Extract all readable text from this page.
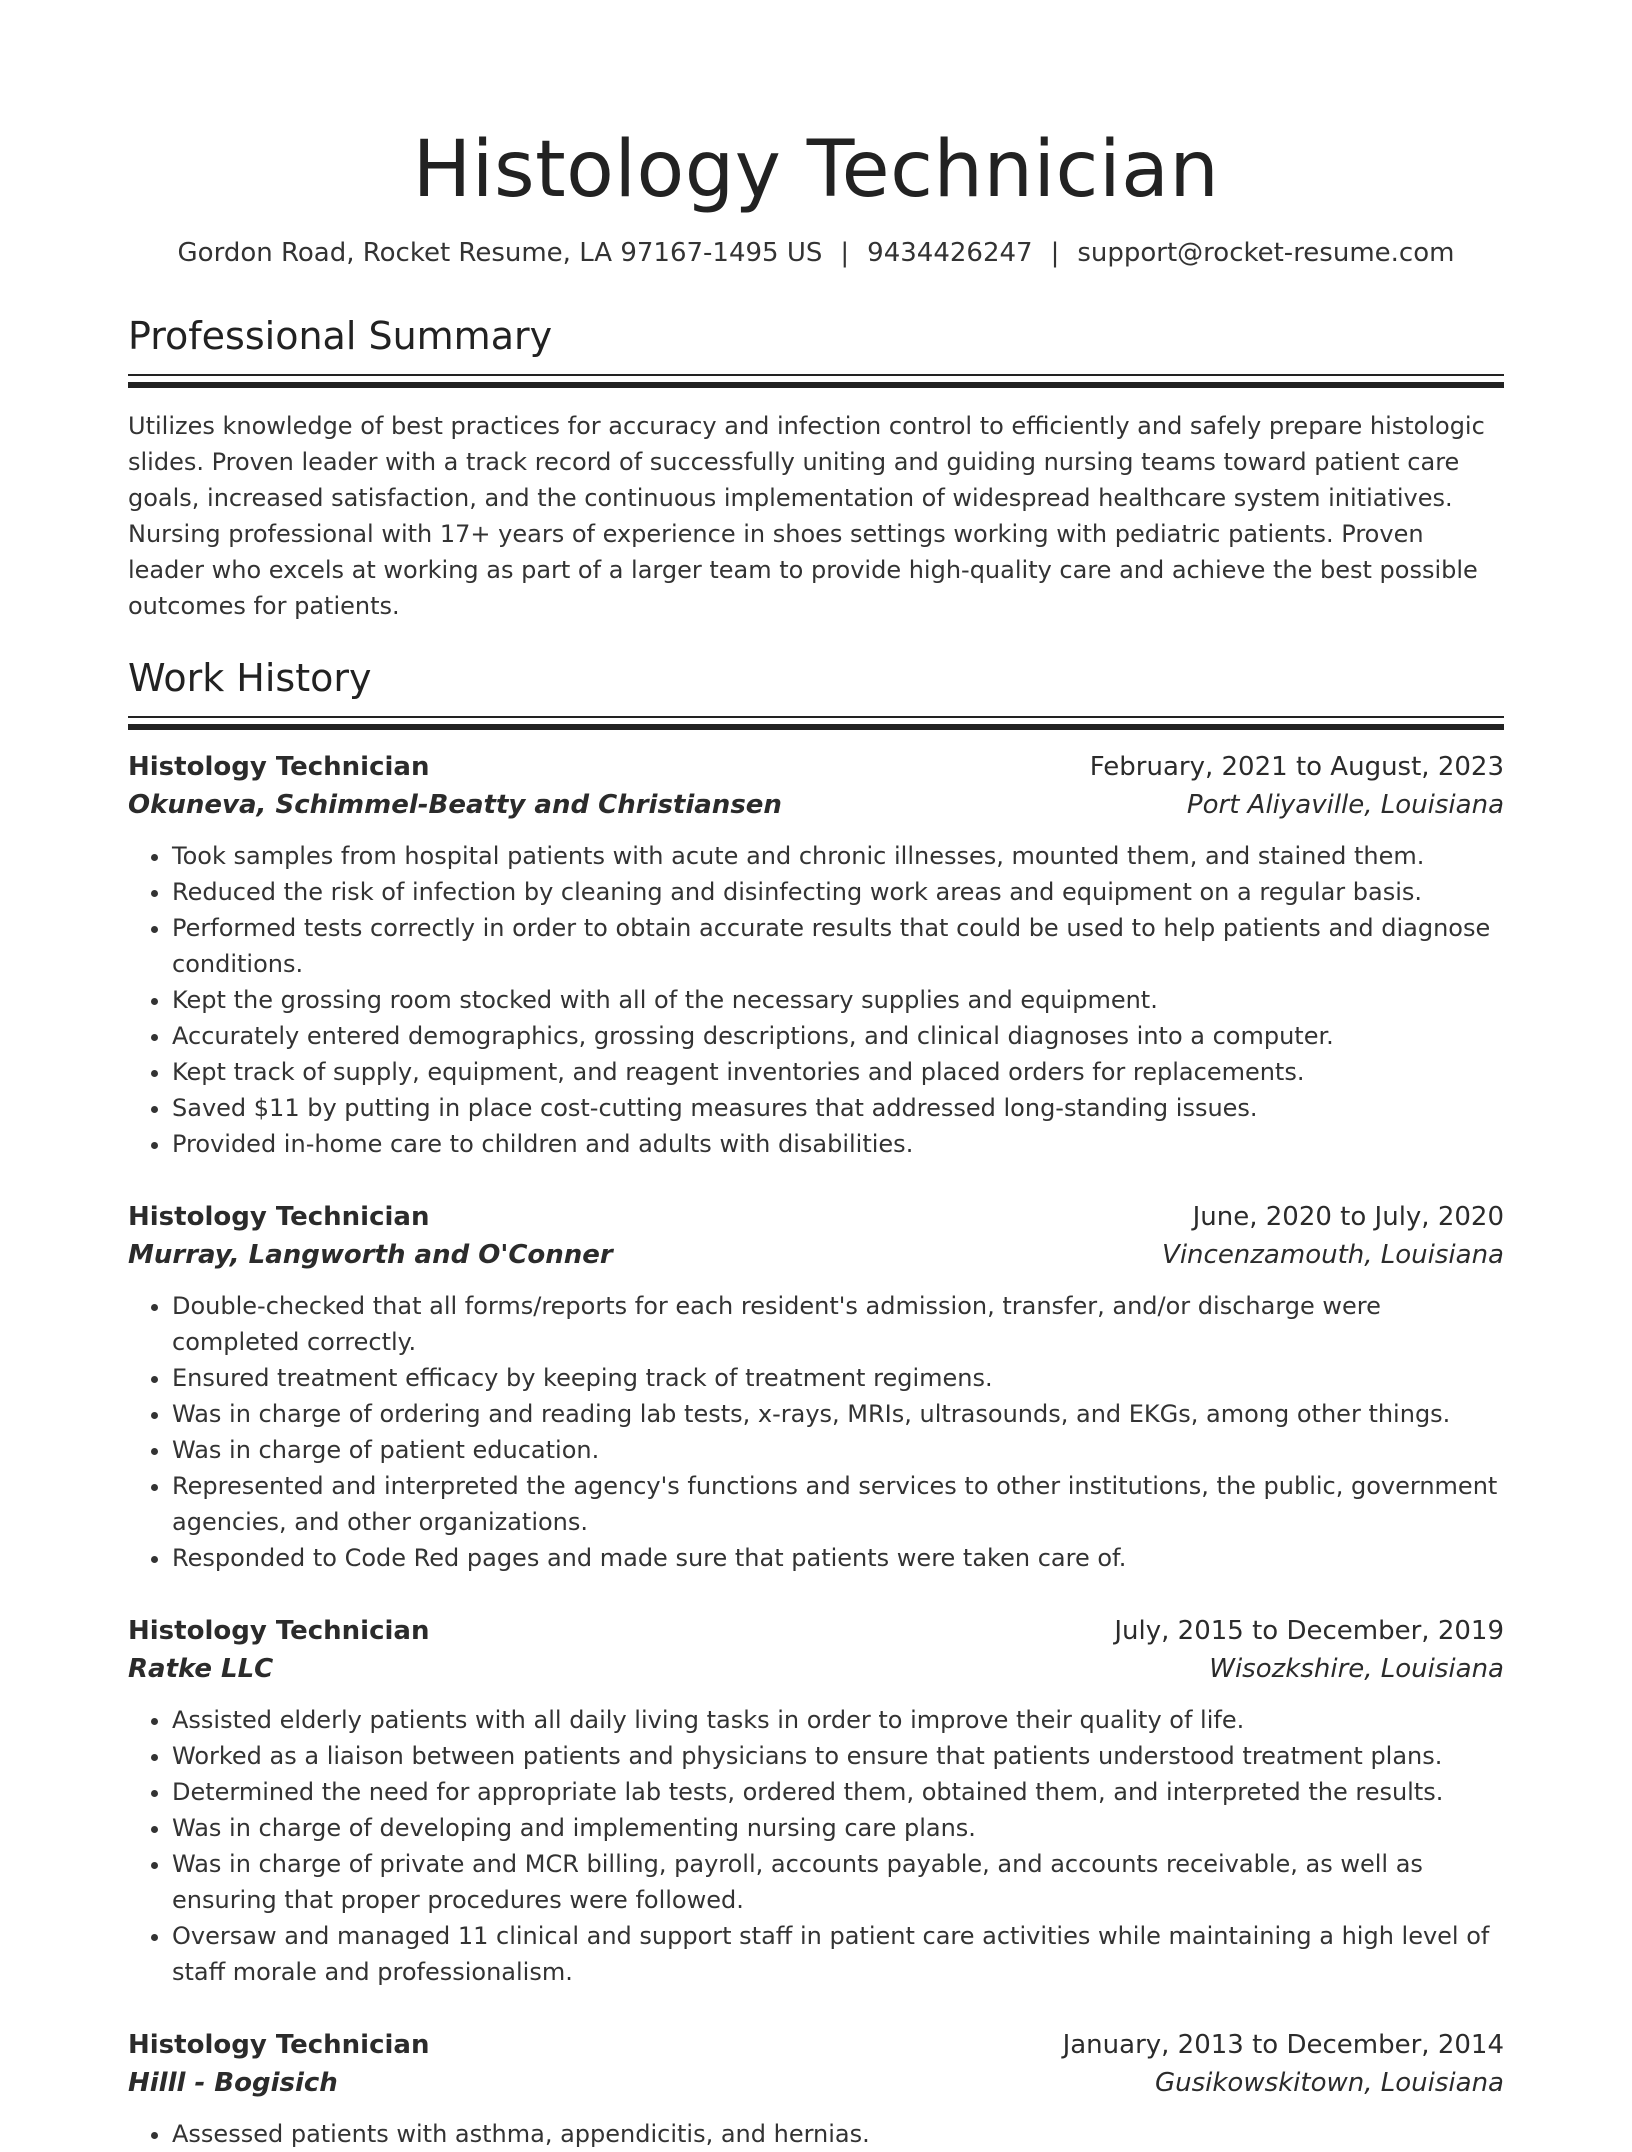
Histology Technician
Gordon Road, Rocket Resume, LA 97167-1495 US | 9434426247 | support@rocket-resume.com
Professional Summary

Utilizes knowledge of best practices for accuracy and infection control to efficiently and safely prepare histologic slides. Proven leader with a track record of successfully uniting and guiding nursing teams toward patient care goals, increased satisfaction, and the continuous implementation of widespread healthcare system initiatives. Nursing professional with 17+ years of experience in shoes settings working with pediatric patients. Proven leader who excels at working as part of a larger team to provide high-quality care and achieve the best possible outcomes for patients.

Work History
Histology Technician	February, 2021 to August, 2023
Okuneva, Schimmel-Beatty and Christiansen	Port Aliyaville, Louisiana
• Took samples from hospital patients with acute and chronic illnesses, mounted them, and stained them.
• Reduced the risk of infection by cleaning and disinfecting work areas and equipment on a regular basis.
• Performed tests correctly in order to obtain accurate results that could be used to help patients and diagnose conditions.
• Kept the grossing room stocked with all of the necessary supplies and equipment.
• Accurately entered demographics, grossing descriptions, and clinical diagnoses into a computer.
• Kept track of supply, equipment, and reagent inventories and placed orders for replacements.
• Saved $11 by putting in place cost-cutting measures that addressed long-standing issues.
• Provided in-home care to children and adults with disabilities.
Histology Technician	June, 2020 to July, 2020
Murray, Langworth and O'Conner	Vincenzamouth, Louisiana
• Double-checked that all forms/reports for each resident's admission, transfer, and/or discharge were completed correctly.
• Ensured treatment efficacy by keeping track of treatment regimens.
• Was in charge of ordering and reading lab tests, x-rays, MRIs, ultrasounds, and EKGs, among other things.
• Was in charge of patient education.
• Represented and interpreted the agency's functions and services to other institutions, the public, government agencies, and other organizations.
• Responded to Code Red pages and made sure that patients were taken care of.
Histology Technician	July, 2015 to December, 2019
Ratke LLC	Wisozkshire, Louisiana
• Assisted elderly patients with all daily living tasks in order to improve their quality of life.
• Worked as a liaison between patients and physicians to ensure that patients understood treatment plans.
• Determined the need for appropriate lab tests, ordered them, obtained them, and interpreted the results.
• Was in charge of developing and implementing nursing care plans.
• Was in charge of private and MCR billing, payroll, accounts payable, and accounts receivable, as well as ensuring that proper procedures were followed.
• Oversaw and managed 11 clinical and support staff in patient care activities while maintaining a high level of staff morale and professionalism.
Histology Technician	January, 2013 to December, 2014
Hilll - Bogisich	Gusikowskitown, Louisiana
• Assessed patients with asthma, appendicitis, and hernias.
